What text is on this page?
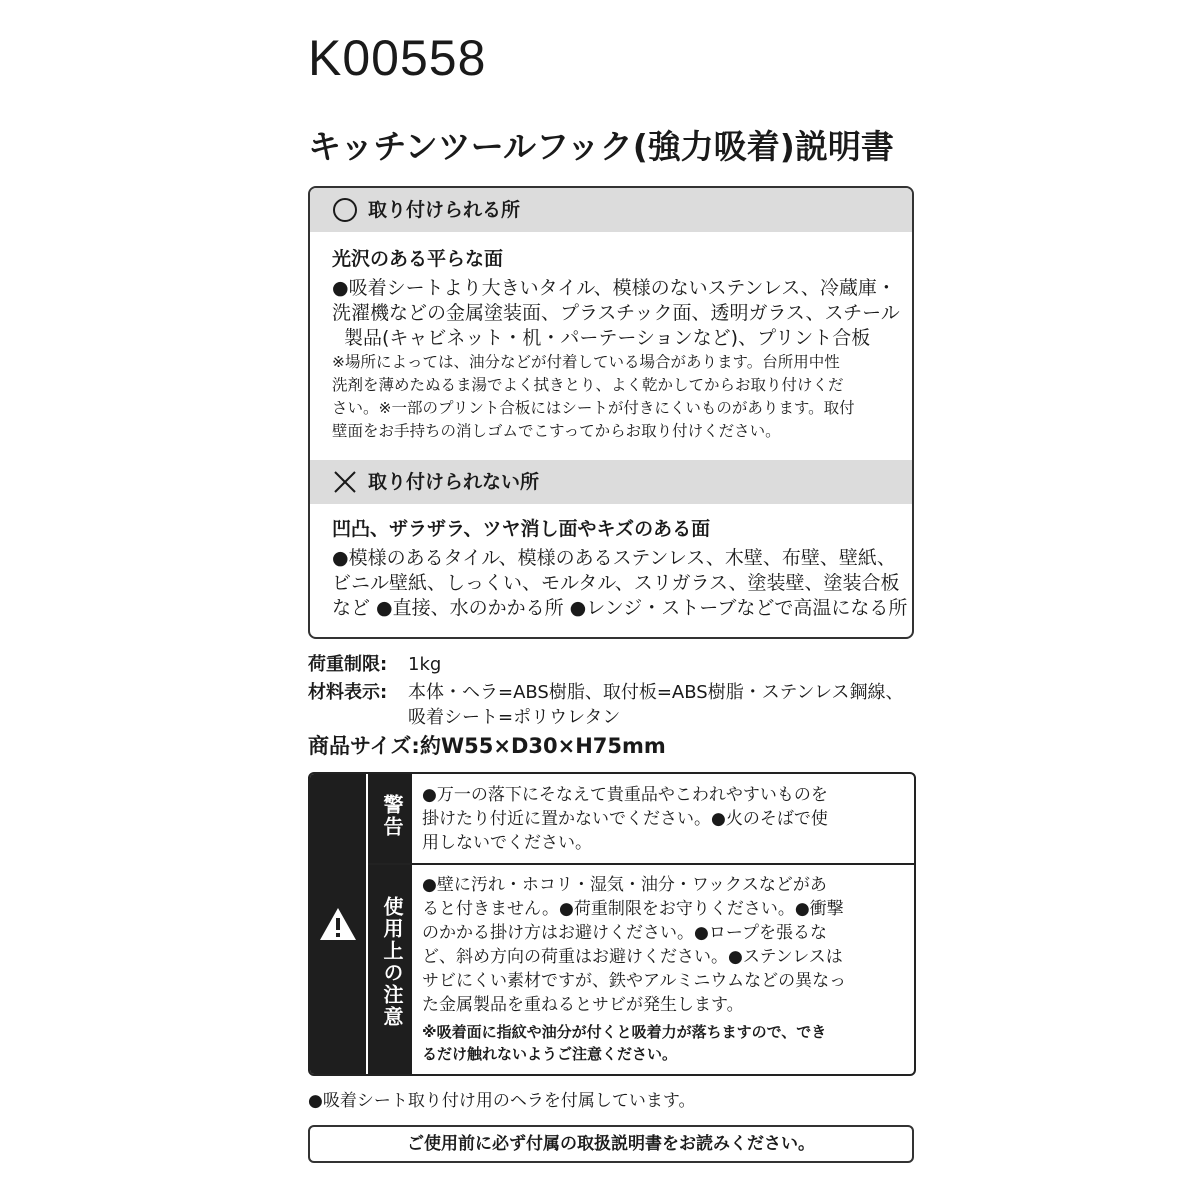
K00558
キッチンツールフック(強力吸着)説明書
取り付けられる所
光沢のある平らな面
●吸着シートより大きいタイル、模様のないステンレス、冷蔵庫・
洗濯機などの金属塗装面、プラスチック面、透明ガラス、スチール
製品(キャビネット・机・パーテーションなど)、プリント合板
※場所によっては、油分などが付着している場合があります。台所用中性
洗剤を薄めたぬるま湯でよく拭きとり、よく乾かしてからお取り付けくだ
さい。※一部のプリント合板にはシートが付きにくいものがあります。取付
壁面をお手持ちの消しゴムでこすってからお取り付けください。
取り付けられない所
凹凸、ザラザラ、ツヤ消し面やキズのある面
●模様のあるタイル、模様のあるステンレス、木壁、布壁、壁紙、
ビニル壁紙、しっくい、モルタル、スリガラス、塗装壁、塗装合板
など ●直接、水のかかる所 ●レンジ・ストーブなどで高温になる所
荷重制限: 1kg
材料表示: 本体・ヘラ=ABS樹脂、取付板=ABS樹脂・ステンレス鋼線、
吸着シート=ポリウレタン
商品サイズ:約W55×D30×H75mm
警告
使用上の注意
●万一の落下にそなえて貴重品やこわれやすいものを
掛けたり付近に置かないでください。●火のそばで使
用しないでください。
●壁に汚れ・ホコリ・湿気・油分・ワックスなどがあ
ると付きません。●荷重制限をお守りください。●衝撃
のかかる掛け方はお避けください。●ロープを張るな
ど、斜め方向の荷重はお避けください。●ステンレスは
サビにくい素材ですが、鉄やアルミニウムなどの異なっ
た金属製品を重ねるとサビが発生します。
※吸着面に指紋や油分が付くと吸着力が落ちますので、でき
るだけ触れないようご注意ください。
●吸着シート取り付け用のヘラを付属しています。
ご使用前に必ず付属の取扱説明書をお読みください。
